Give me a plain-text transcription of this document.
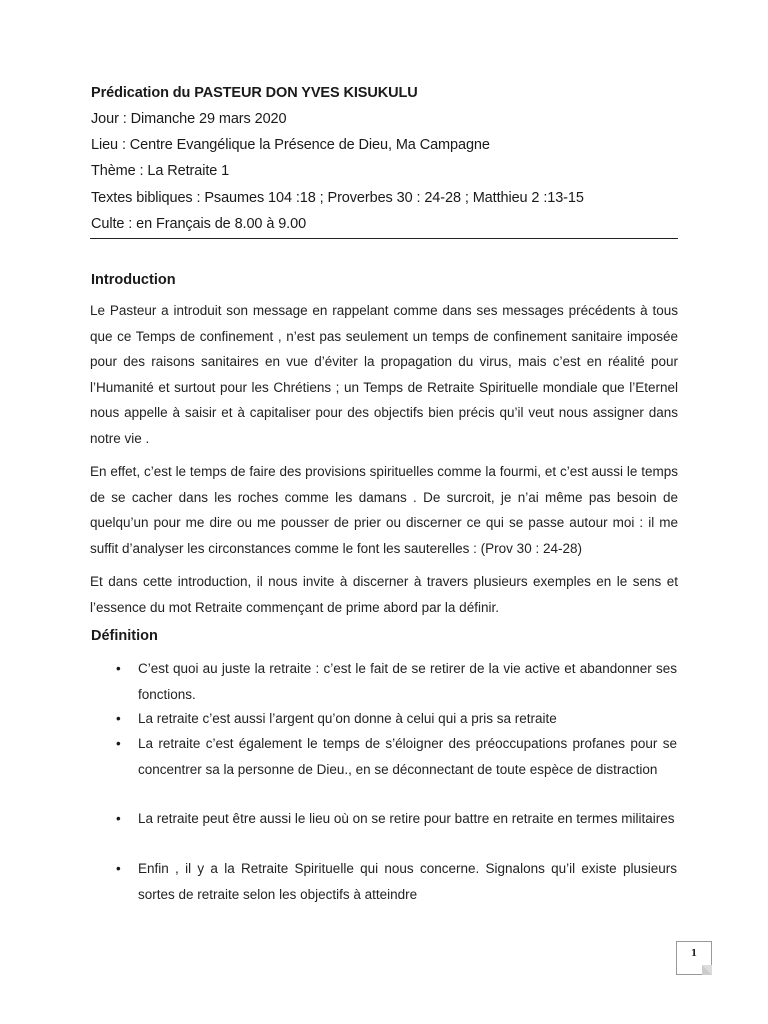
Prédication du PASTEUR DON YVES KISUKULU
Jour : Dimanche 29 mars 2020
Lieu : Centre Evangélique la Présence de Dieu, Ma Campagne
Thème : La Retraite 1
Textes bibliques : Psaumes 104 :18 ; Proverbes 30 : 24-28 ; Matthieu 2 :13-15
Culte : en Français de 8.00 à 9.00
Introduction
Le Pasteur a introduit son message en rappelant comme dans ses messages précédents à tous que ce Temps de confinement , n’est pas seulement un temps de confinement sanitaire imposée pour des raisons sanitaires en vue d’éviter la propagation du virus, mais c’est en réalité pour l’Humanité et surtout pour les Chrétiens ; un Temps de Retraite Spirituelle mondiale que l’Eternel nous appelle à saisir et à capitaliser pour des objectifs bien précis qu’il veut nous assigner dans notre vie .
En effet, c’est le temps de faire des provisions spirituelles comme la fourmi, et c’est aussi le temps de se cacher dans les roches comme les damans . De surcroit, je n’ai même pas besoin de quelqu’un pour me dire ou me pousser de prier ou discerner ce qui se passe autour moi : il me suffit d’analyser les circonstances comme le font les sauterelles : (Prov 30 : 24-28)
Et dans cette introduction, il nous invite à discerner à travers plusieurs exemples en le sens et l’essence du mot Retraite commençant de prime abord par la définir.
Définition
• C’est quoi au juste la retraite : c’est le fait de se retirer de la vie active et abandonner ses fonctions.
• La retraite c’est aussi l’argent qu’on donne à celui qui a pris sa retraite
• La retraite c’est également le temps de s’éloigner des préoccupations profanes pour se concentrer sa la personne de Dieu., en se déconnectant de toute espèce de distraction
• La retraite peut être aussi le lieu où on se retire pour battre en retraite en termes militaires
• Enfin , il y a la Retraite Spirituelle qui nous concerne. Signalons qu’il existe plusieurs sortes de retraite selon les objectifs à atteindre
1
